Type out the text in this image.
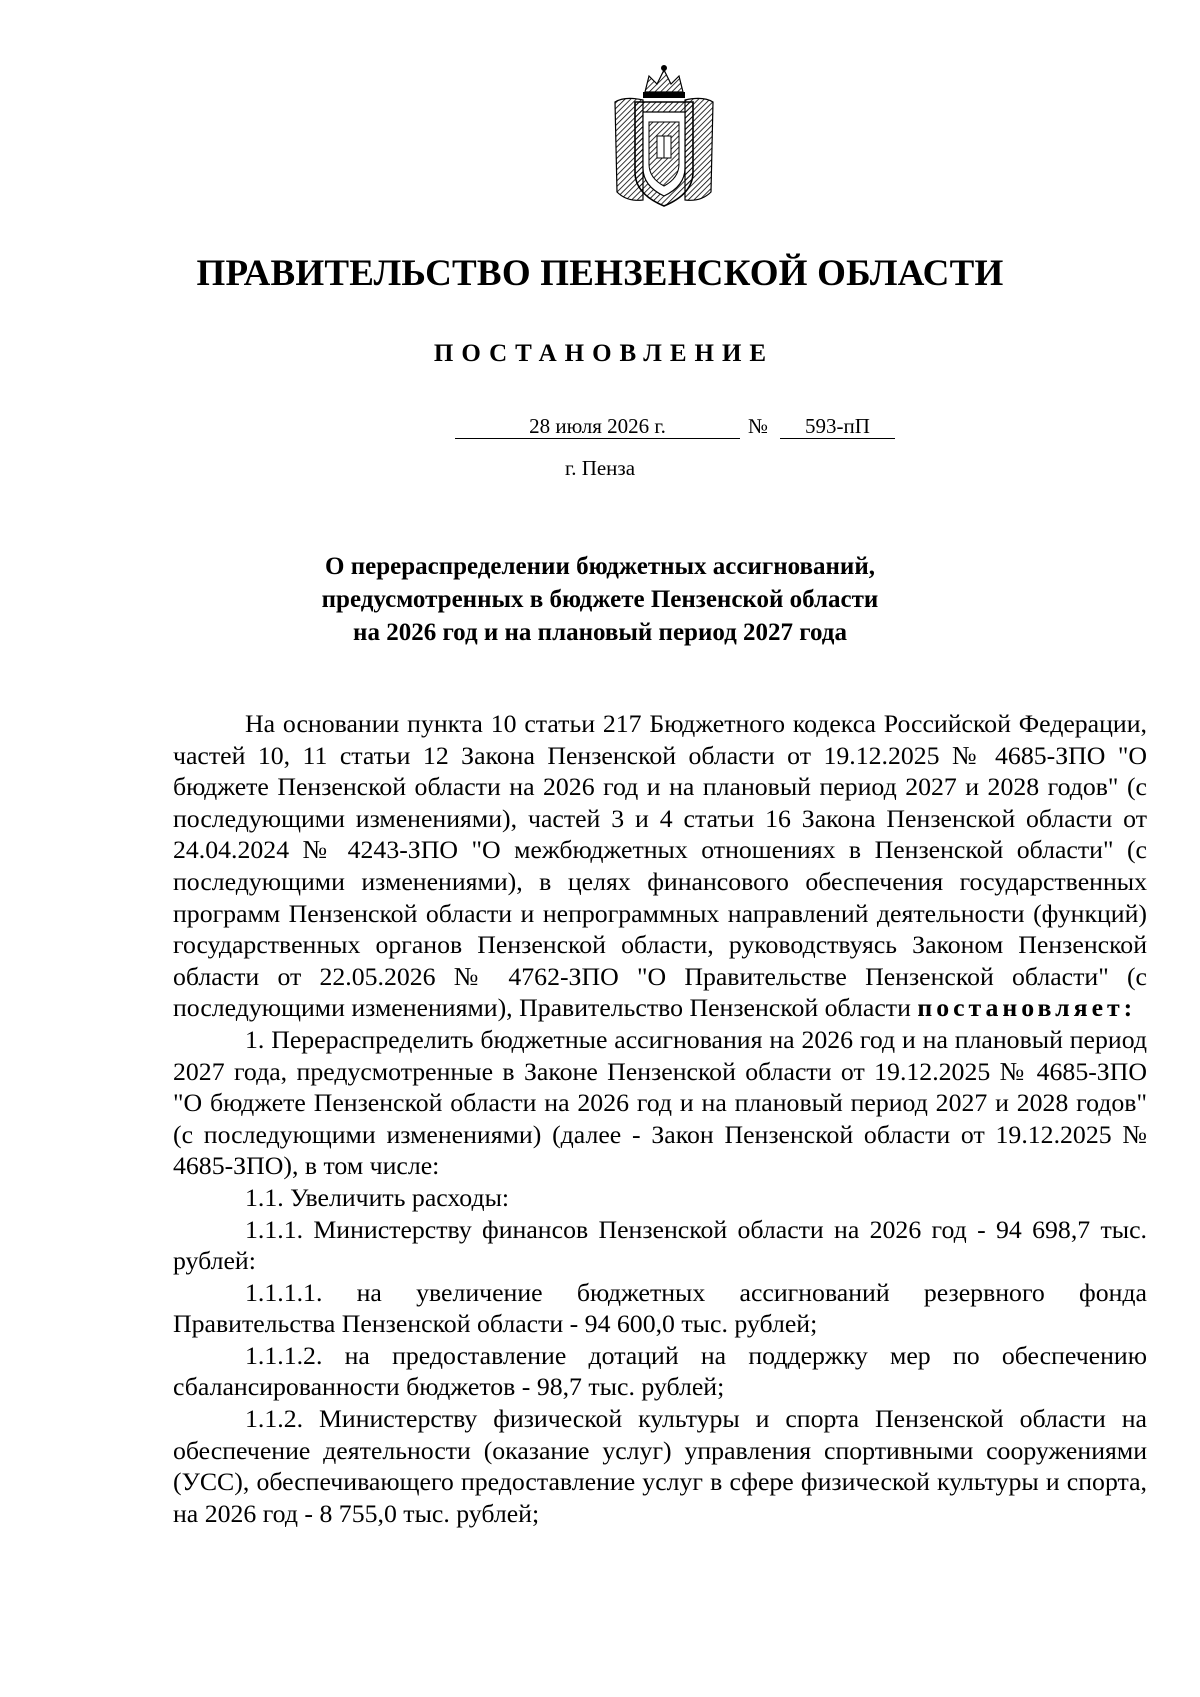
ПРАВИТЕЛЬСТВО ПЕНЗЕНСКОЙ ОБЛАСТИ
ПОСТАНОВЛЕНИЕ
28 июля 2026 г.	№	593-пП
г. Пенза
О перераспределении бюджетных ассигнований,
предусмотренных в бюджете Пензенской области
на 2026 год и на плановый период 2027 года

На основании пункта 10 статьи 217 Бюджетного кодекса Российской Федерации, частей 10, 11 статьи 12 Закона Пензенской области от 19.12.2025 № 4685-ЗПО "О бюджете Пензенской области на 2026 год и на плановый период 2027 и 2028 годов" (с последующими изменениями), частей 3 и 4 статьи 16 Закона Пензенской области от 24.04.2024 № 4243-ЗПО "О межбюджетных отношениях в Пензенской области" (с последующими изменениями), в целях финансового обеспечения государственных программ Пензенской области и непрограммных направлений деятельности (функций) государственных органов Пензенской области, руководствуясь Законом Пензенской области от 22.05.2026 № 4762-ЗПО "О Правительстве Пензенской области" (с последующими изменениями), Правительство Пензенской области постановляет:

1. Перераспределить бюджетные ассигнования на 2026 год и на плановый период 2027 года, предусмотренные в Законе Пензенской области от 19.12.2025 № 4685-ЗПО "О бюджете Пензенской области на 2026 год и на плановый период 2027 и 2028 годов" (с последующими изменениями) (далее - Закон Пензенской области от 19.12.2025 № 4685-ЗПО), в том числе:

1.1. Увеличить расходы:

1.1.1. Министерству финансов Пензенской области на 2026 год - 94 698,7 тыс. рублей:

1.1.1.1. на увеличение бюджетных ассигнований резервного фонда Правительства Пензенской области - 94 600,0 тыс. рублей;

1.1.1.2. на предоставление дотаций на поддержку мер по обеспечению сбалансированности бюджетов - 98,7 тыс. рублей;

1.1.2. Министерству физической культуры и спорта Пензенской области на обеспечение деятельности (оказание услуг) управления спортивными сооружениями (УСС), обеспечивающего предоставление услуг в сфере физической культуры и спорта, на 2026 год - 8 755,0 тыс. рублей;
